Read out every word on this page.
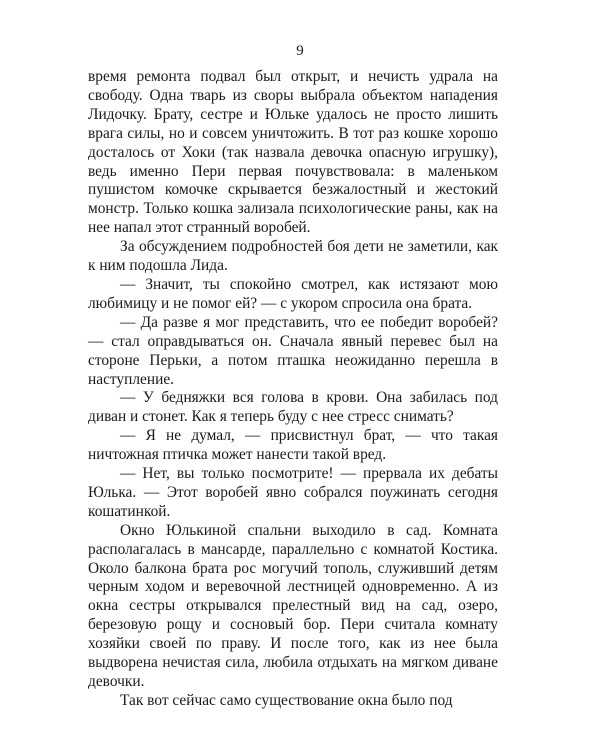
9

время ремонта подвал был открыт, и нечисть удрала на свободу. Одна тварь из своры выбрала объектом нападения Лидочку. Брату, сестре и Юльке удалось не просто лишить врага силы, но и совсем уничтожить. В тот раз кошке хорошо досталось от Хоки (так назвала девочка опасную игрушку), ведь именно Пери первая почувствовала: в маленьком пушистом комочке скрывается безжалостный и жестокий монстр. Только кошка зализала психологические раны, как на нее напал этот странный воробей.

За обсуждением подробностей боя дети не заметили, как к ним подошла Лида.

— Значит, ты спокойно смотрел, как истязают мою любимицу и не помог ей? — с укором спросила она брата.

— Да разве я мог представить, что ее победит воробей? — стал оправдываться он. Сначала явный перевес был на стороне Перьки, а потом пташка неожиданно перешла в наступление.

— У бедняжки вся голова в крови. Она забилась под диван и стонет. Как я теперь буду с нее стресс снимать?

— Я не думал, — присвистнул брат, — что такая ничтожная птичка может нанести такой вред.

— Нет, вы только посмотрите! — прервала их дебаты Юлька. — Этот воробей явно собрался поужинать сегодня кошатинкой.

Окно Юлькиной спальни выходило в сад. Комната располагалась в мансарде, параллельно с комнатой Костика. Около балкона брата рос могучий тополь, служивший детям черным ходом и веревочной лестницей одновременно. А из окна сестры открывался прелестный вид на сад, озеро, березовую рощу и сосновый бор. Пери считала комнату хозяйки своей по праву. И после того, как из нее была выдворена нечистая сила, любила отдыхать на мягком диване девочки.

Так вот сейчас само существование окна было под
